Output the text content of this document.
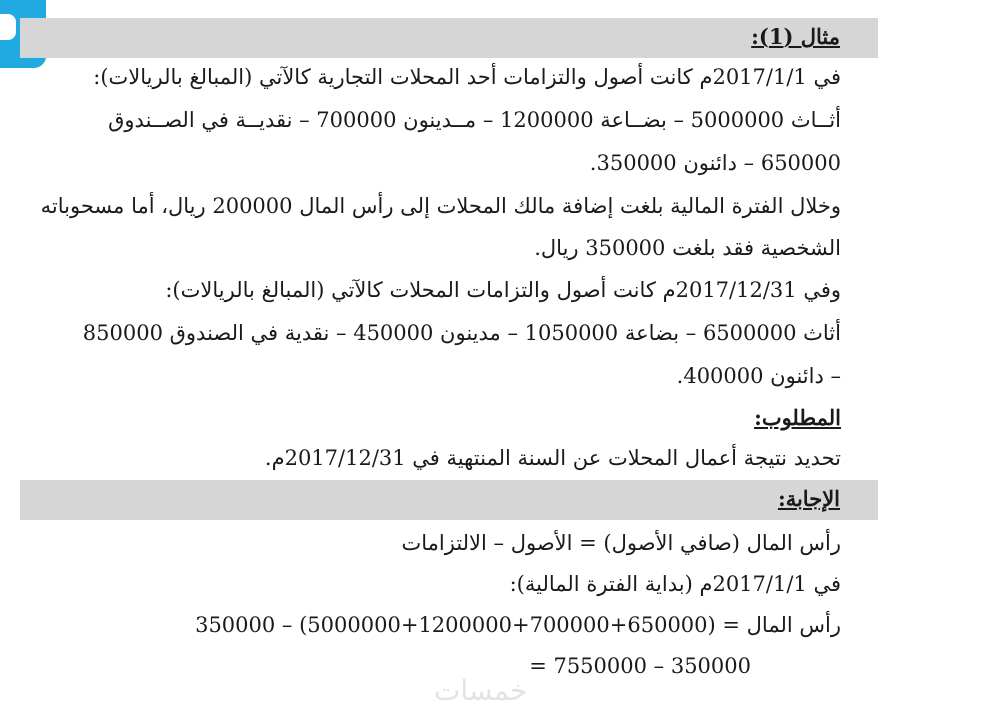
مثال (1):
في 2017/1/1م كانت أصول والتزامات أحد المحلات التجارية كالآتي (المبالغ بالريالات):
أثــاث 5000000 – بضــاعة 1200000 – مــدينون 700000 – نقديــة في الصــندوق
650000 – دائنون 350000.
وخلال الفترة المالية بلغت إضافة مالك المحلات إلى رأس المال 200000 ريال، أما مسحوباته
الشخصية فقد بلغت 350000 ريال.
وفي 2017/12/31م كانت أصول والتزامات المحلات كالآتي (المبالغ بالريالات):
أثاث 6500000 – بضاعة 1050000 – مدينون 450000 – نقدية في الصندوق 850000
– دائنون 400000.
المطلوب:
تحديد نتيجة أعمال المحلات عن السنة المنتهية في 2017/12/31م.
الإجابة:
رأس المال (صافي الأصول) = الأصول – الالتزامات
في 2017/1/1م (بداية الفترة المالية):
رأس المال = (650000+700000+1200000+5000000) – 350000
= 7550000 – 350000
خمسات
